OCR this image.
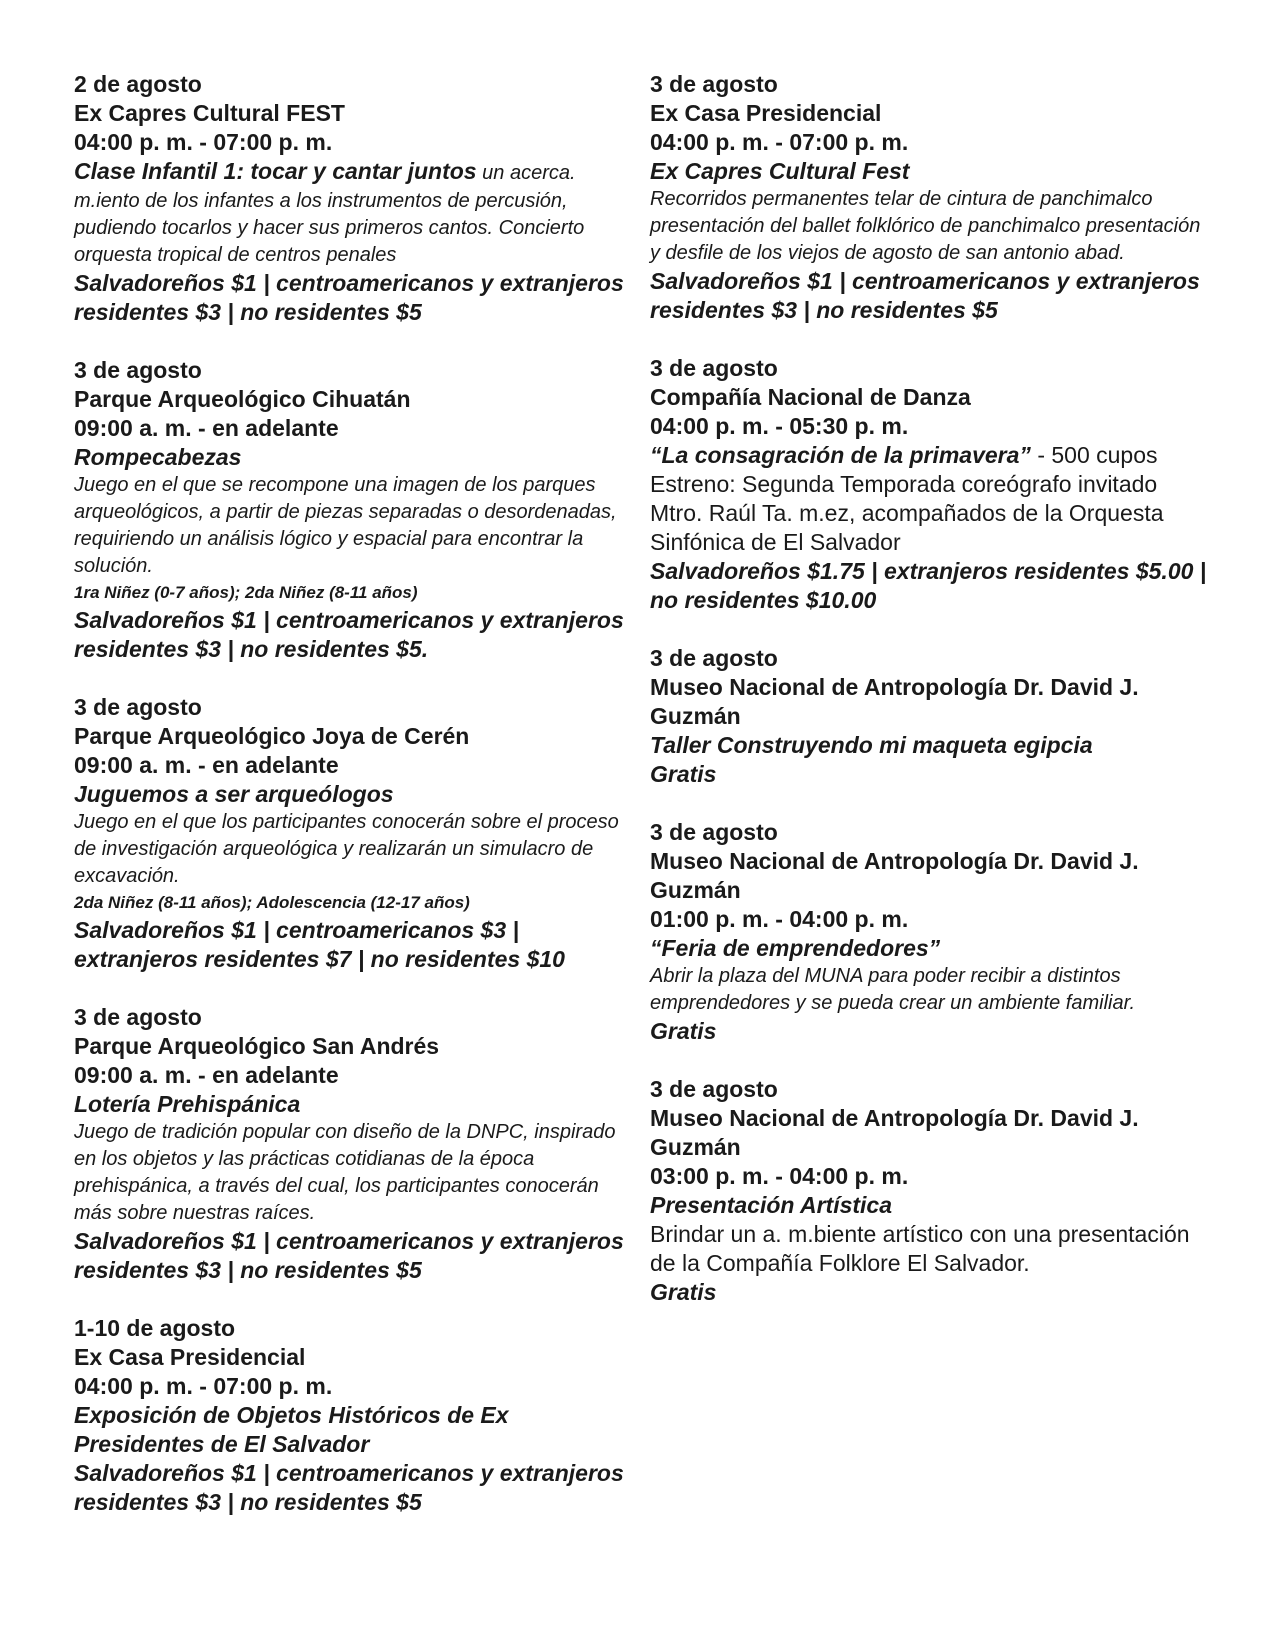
2 de agosto
Ex Capres Cultural FEST
04:00 p. m. - 07:00 p. m.
Clase Infantil 1: tocar y cantar juntos un acerca.
m.iento de los infantes a los instrumentos de percusión, pudiendo tocarlos y hacer sus primeros cantos. Concierto orquesta tropical de centros penales
Salvadoreños $1 | centroamericanos y extranjeros residentes $3 | no residentes $5
3 de agosto
Parque Arqueológico Cihuatán
09:00 a. m. - en adelante
Rompecabezas
Juego en el que se recompone una imagen de los parques arqueológicos, a partir de piezas separadas o desordenadas, requiriendo un análisis lógico y espacial para encontrar la solución.
1ra Niñez (0-7 años); 2da Niñez (8-11 años)
Salvadoreños $1 | centroamericanos y extranjeros residentes $3 | no residentes $5.
3 de agosto
Parque Arqueológico Joya de Cerén
09:00 a. m. - en adelante
Juguemos a ser arqueólogos
Juego en el que los participantes conocerán sobre el proceso de investigación arqueológica y realizarán un simulacro de excavación.
2da Niñez (8-11 años); Adolescencia (12-17 años)
Salvadoreños $1 | centroamericanos $3 | extranjeros residentes $7 | no residentes $10
3 de agosto
Parque Arqueológico San Andrés
09:00 a. m. - en adelante
Lotería Prehispánica
Juego de tradición popular con diseño de la DNPC, inspirado en los objetos y las prácticas cotidianas de la época prehispánica, a través del cual, los participantes conocerán más sobre nuestras raíces.
Salvadoreños $1 | centroamericanos y extranjeros residentes $3 | no residentes $5
1-10 de agosto
Ex Casa Presidencial
04:00 p. m. - 07:00 p. m.
Exposición de Objetos Históricos de Ex Presidentes de El Salvador
Salvadoreños $1 | centroamericanos y extranjeros residentes $3 | no residentes $5
3 de agosto
Ex Casa Presidencial
04:00 p. m. - 07:00 p. m.
Ex Capres Cultural Fest
Recorridos permanentes telar de cintura de panchimalco presentación del ballet folklórico de panchimalco presentación y desfile de los viejos de agosto de san antonio abad.
Salvadoreños $1 | centroamericanos y extranjeros residentes $3 | no residentes $5
3 de agosto
Compañía Nacional de Danza
04:00 p. m. - 05:30 p. m.
“La consagración de la primavera” - 500 cupos
Estreno: Segunda Temporada coreógrafo invitado Mtro. Raúl Ta. m.ez, acompañados de la Orquesta Sinfónica de El Salvador
Salvadoreños $1.75 | extranjeros residentes $5.00 | no residentes $10.00
3 de agosto
Museo Nacional de Antropología Dr. David J. Guzmán
Taller Construyendo mi maqueta egipcia
Gratis
3 de agosto
Museo Nacional de Antropología Dr. David J. Guzmán
01:00 p. m. - 04:00 p. m.
“Feria de emprendedores”
Abrir la plaza del MUNA para poder recibir a distintos emprendedores y se pueda crear un ambiente familiar.
Gratis
3 de agosto
Museo Nacional de Antropología Dr. David J. Guzmán
03:00 p. m. - 04:00 p. m.
Presentación Artística
Brindar un a. m.biente artístico con una presentación de la Compañía Folklore El Salvador.
Gratis
